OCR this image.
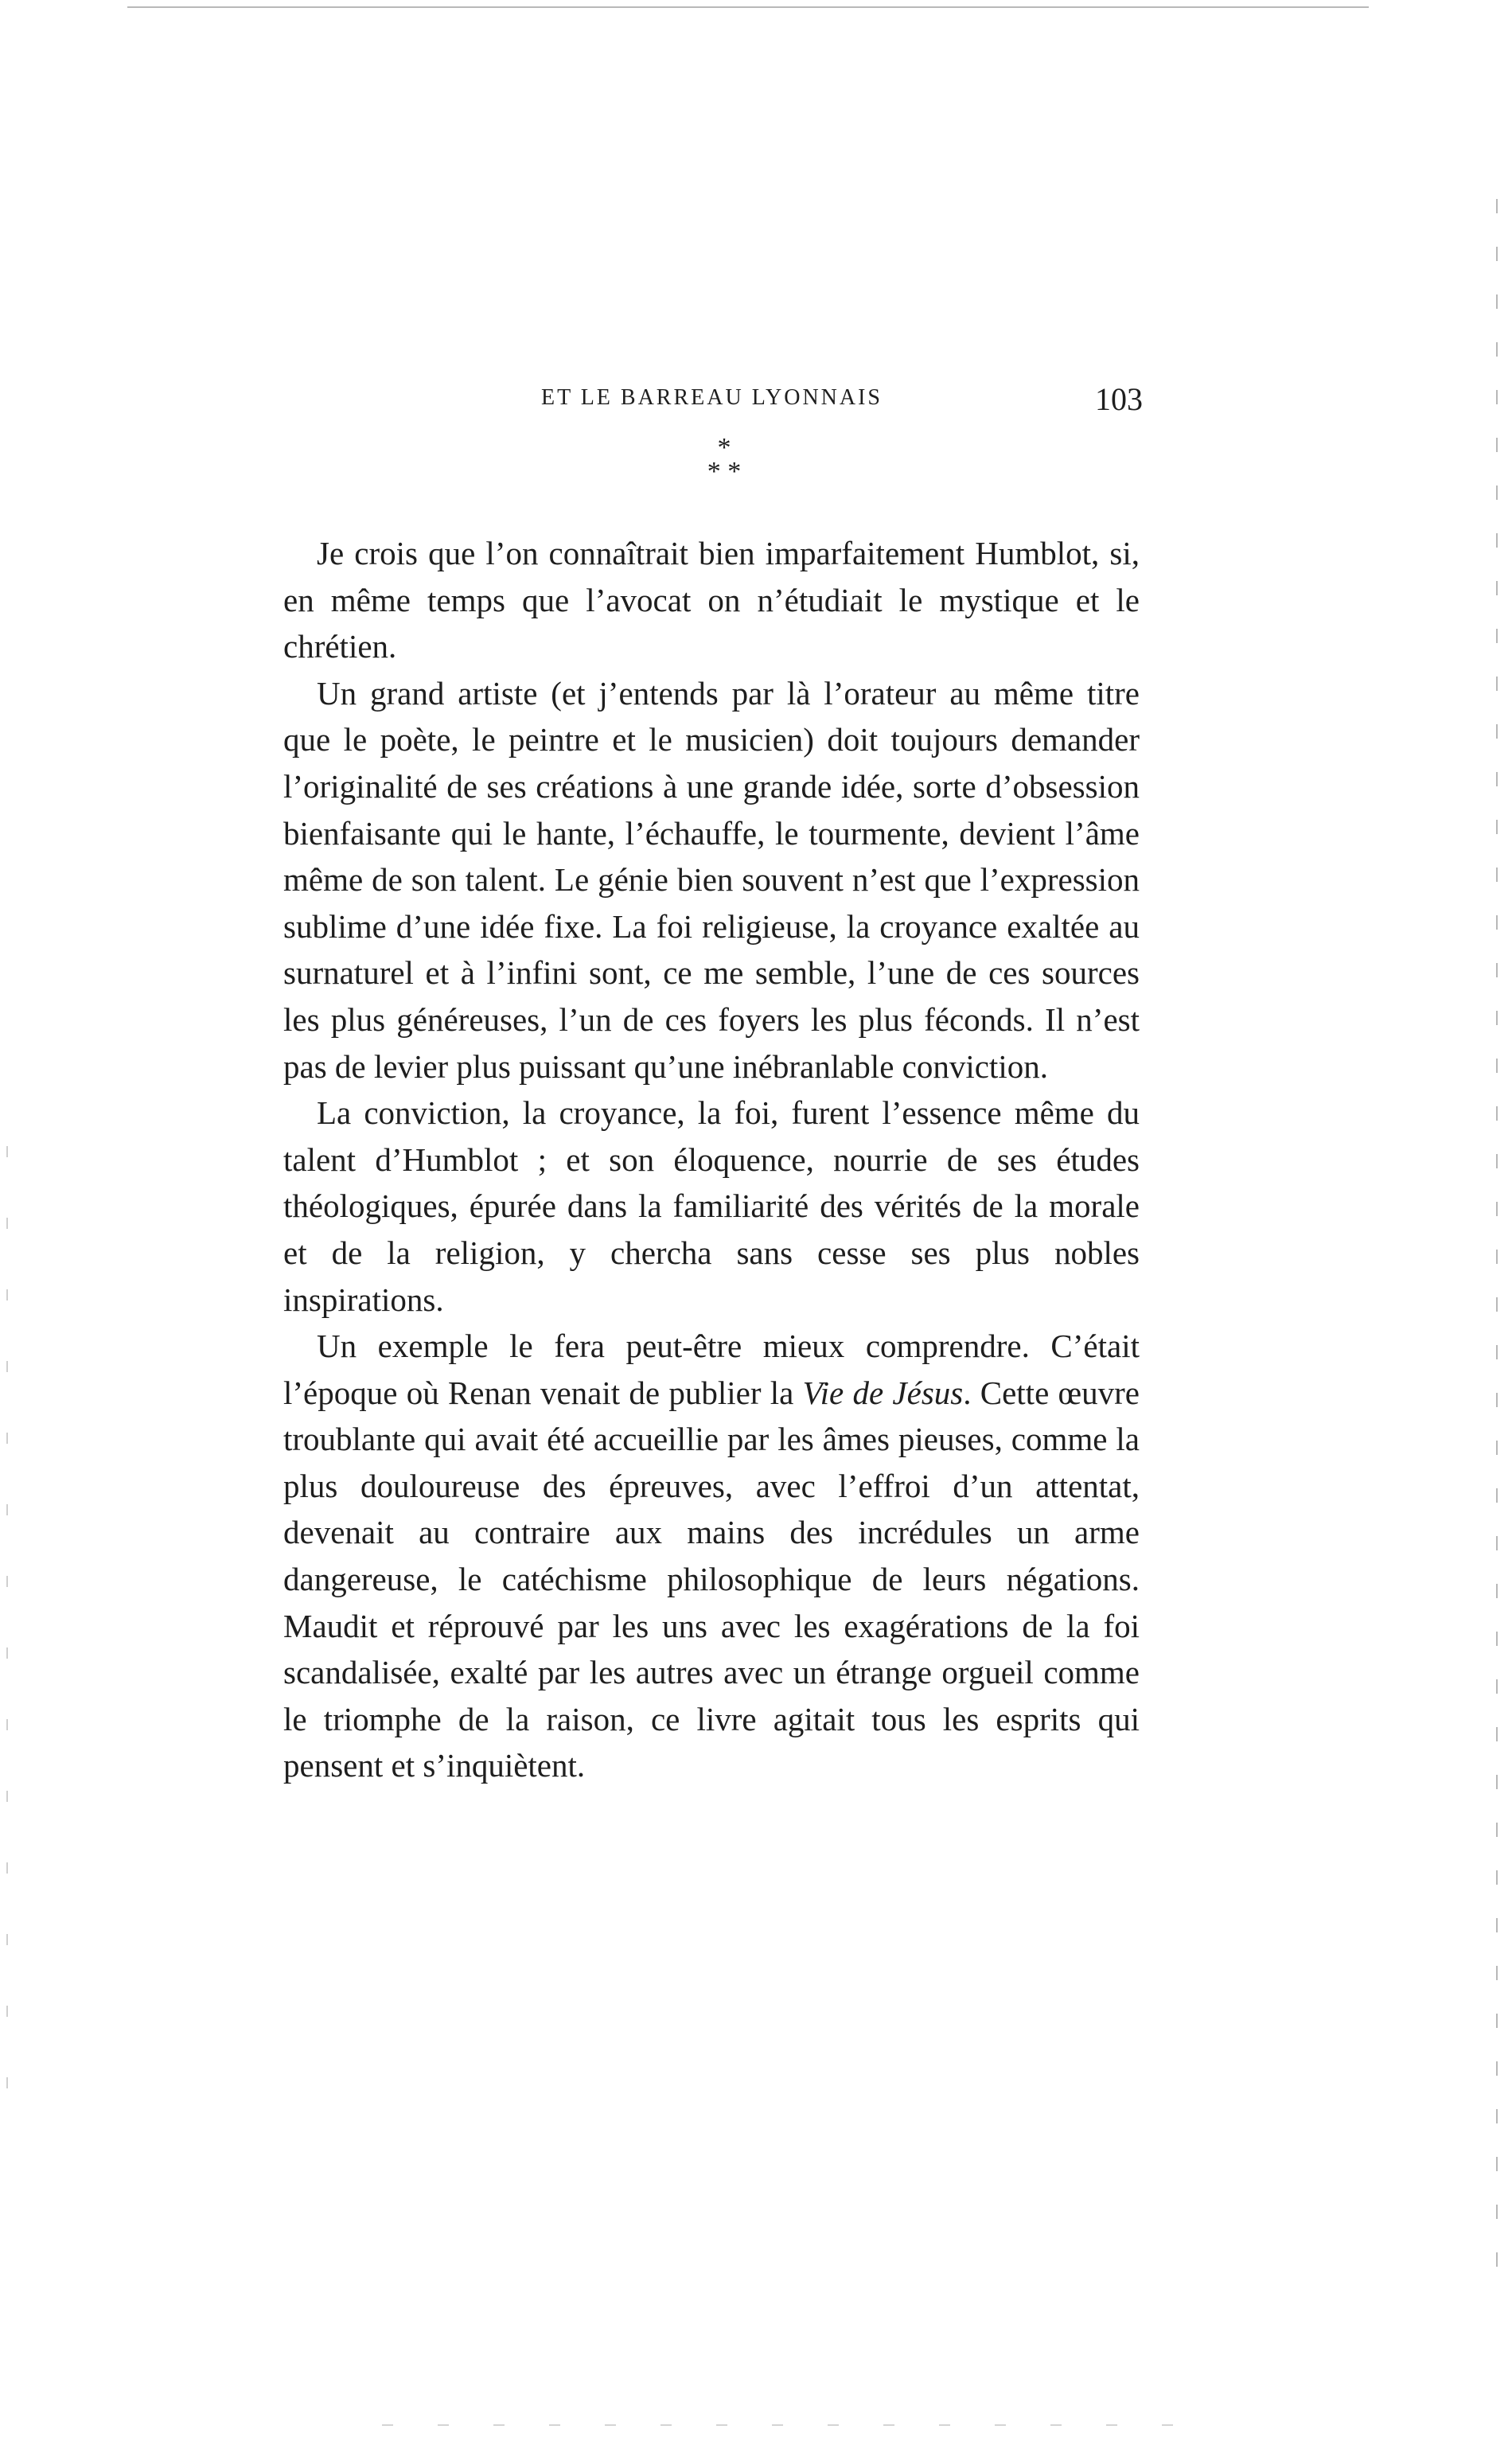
ET LE BARREAU LYONNAIS	103
*
* *

Je crois que l’on connaîtrait bien imparfaitement Humblot, si, en même temps que l’avocat on n’étudiait le mystique et le chrétien.

Un grand artiste (et j’entends par là l’orateur au même titre que le poète, le peintre et le musicien) doit toujours demander l’originalité de ses créations à une grande idée, sorte d’obsession bienfaisante qui le hante, l’échauffe, le tourmente, devient l’âme même de son talent. Le génie bien souvent n’est que l’expression sublime d’une idée fixe. La foi religieuse, la croyance exaltée au surnaturel et à l’infini sont, ce me semble, l’une de ces sources les plus généreuses, l’un de ces foyers les plus féconds. Il n’est pas de levier plus puissant qu’une inébranlable conviction.

La conviction, la croyance, la foi, furent l’essence même du talent d’Humblot ; et son éloquence, nourrie de ses études théologiques, épurée dans la familiarité des vérités de la morale et de la religion, y chercha sans cesse ses plus nobles inspirations.

Un exemple le fera peut-être mieux comprendre. C’était l’époque où Renan venait de publier la Vie de Jésus. Cette œuvre troublante qui avait été accueillie par les âmes pieuses, comme la plus douloureuse des épreuves, avec l’effroi d’un attentat, devenait au contraire aux mains des incrédules un arme dangereuse, le catéchisme philosophique de leurs négations. Maudit et réprouvé par les uns avec les exagérations de la foi scandalisée, exalté par les autres avec un étrange orgueil comme le triomphe de la raison, ce livre agitait tous les esprits qui pensent et s’inquiètent.
